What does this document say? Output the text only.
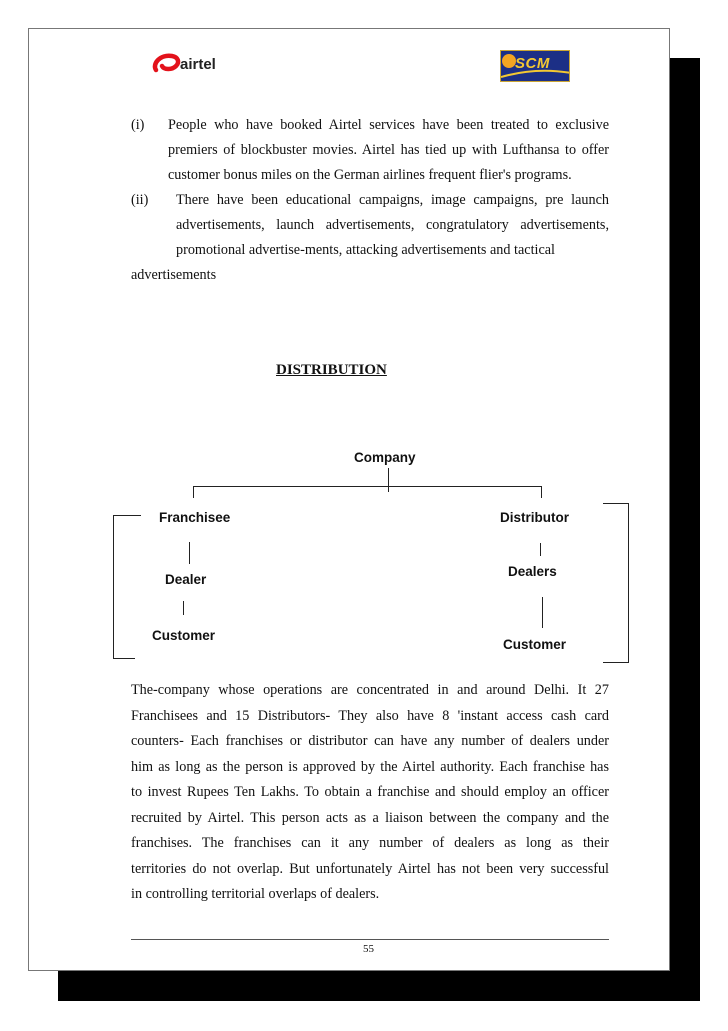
airtel	SCM
(i) People who have booked Airtel services have been treated to exclusive
premiers of blockbuster movies. Airtel has tied up with Lufthansa to offer
customer bonus miles on the German airlines frequent flier's programs.
(ii) There have been educational campaigns, image campaigns, pre launch
advertisements, launch advertisements, congratulatory advertisements,
promotional advertise-ments, attacking advertisements and tactical
advertisements
DISTRIBUTION
Company
Franchisee	Distributor
Dealer
Dealers
Customer
Customer
The-company whose operations are concentrated in and around Delhi. It 27
Franchisees and 15 Distributors- They also have 8 'instant access cash card
counters- Each franchises or distributor can have any number of dealers under
him as long as the person is approved by the Airtel authority. Each franchise has
to invest Rupees Ten Lakhs. To obtain a franchise and should employ an officer
recruited by Airtel. This person acts as a liaison between the company and the
franchises. The franchises can it any number of dealers as long as their
territories do not overlap. But unfortunately Airtel has not been very successful
in controlling territorial overlaps of dealers.
55
